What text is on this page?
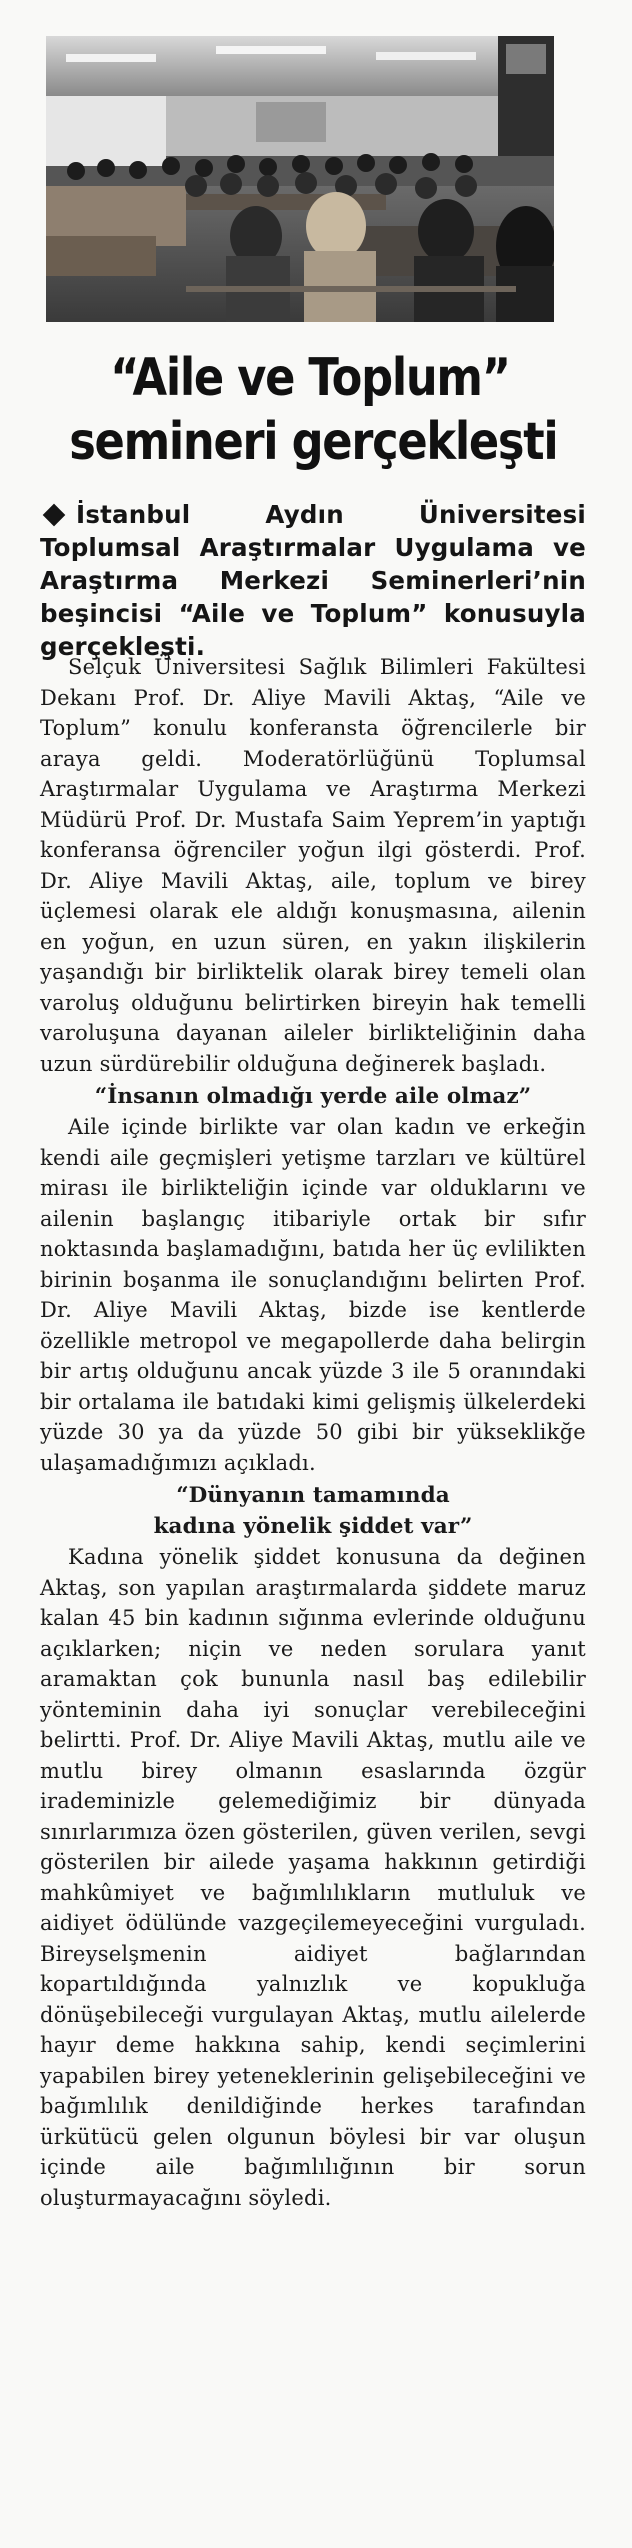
“Aile ve Toplum”
semineri gerçekleşti
İstanbul Aydın Üniversitesi Toplumsal Araştırmalar Uygulama ve Araştırma Merkezi Seminerleri’nin beşincisi “Aile ve Toplum” konusuyla gerçekleşti.

Selçuk Üniversitesi Sağlık Bilimleri Fakültesi Dekanı Prof. Dr. Aliye Mavili Aktaş, “Aile ve Toplum” konulu konferansta öğrencilerle bir araya geldi. Moderatörlüğünü Toplumsal Araştırmalar Uygulama ve Araştırma Merkezi Müdürü Prof. Dr. Mustafa Saim Yeprem’in yaptığı konferansa öğrenciler yoğun ilgi gösterdi. Prof. Dr. Aliye Mavili Aktaş, aile, toplum ve birey üçlemesi olarak ele aldığı konuşmasına, ailenin en yoğun, en uzun süren, en yakın ilişkilerin yaşandığı bir birliktelik olarak birey temeli olan varoluş olduğunu belirtirken bireyin hak temelli varoluşuna dayanan aileler birlikteliğinin daha uzun sürdürebilir olduğuna değinerek başladı.

“İnsanın olmadığı yerde aile olmaz”

Aile içinde birlikte var olan kadın ve erkeğin kendi aile geçmişleri yetişme tarzları ve kültürel mirası ile birlikteliğin içinde var olduklarını ve ailenin başlangıç itibariyle ortak bir sıfır noktasında başlamadığını, batıda her üç evlilikten birinin boşanma ile sonuçlandığını belirten Prof. Dr. Aliye Mavili Aktaş, bizde ise kentlerde özellikle metropol ve megapollerde daha belirgin bir artış olduğunu ancak yüzde 3 ile 5 oranındaki bir ortalama ile batıdaki kimi gelişmiş ülkelerdeki yüzde 30 ya da yüzde 50 gibi bir yükseklikğe ulaşamadığımızı açıkladı.

“Dünyanın tamamında
kadına yönelik şiddet var”

Kadına yönelik şiddet konusuna da değinen Aktaş, son yapılan araştırmalarda şiddete maruz kalan 45 bin kadının sığınma evlerinde olduğunu açıklarken; niçin ve neden sorulara yanıt aramaktan çok bununla nasıl baş edilebilir yönteminin daha iyi sonuçlar verebileceğini belirtti. Prof. Dr. Aliye Mavili Aktaş, mutlu aile ve mutlu birey olmanın esaslarında özgür irademinizle gelemediğimiz bir dünyada sınırlarımıza özen gösterilen, güven verilen, sevgi gösterilen bir ailede yaşama hakkının getirdiği mahkûmiyet ve bağımlılıkların mutluluk ve aidiyet ödülünde vazgeçilemeyeceğini vurguladı. Bireyselşmenin aidiyet bağlarından kopartıldığında yalnızlık ve kopukluğa dönüşebileceği vurgulayan Aktaş, mutlu ailelerde hayır deme hakkına sahip, kendi seçimlerini yapabilen birey yeteneklerinin gelişebileceğini ve bağımlılık denildiğinde herkes tarafından ürkütücü gelen olgunun böylesi bir var oluşun içinde aile bağımlılığının bir sorun oluşturmayacağını söyledi.
